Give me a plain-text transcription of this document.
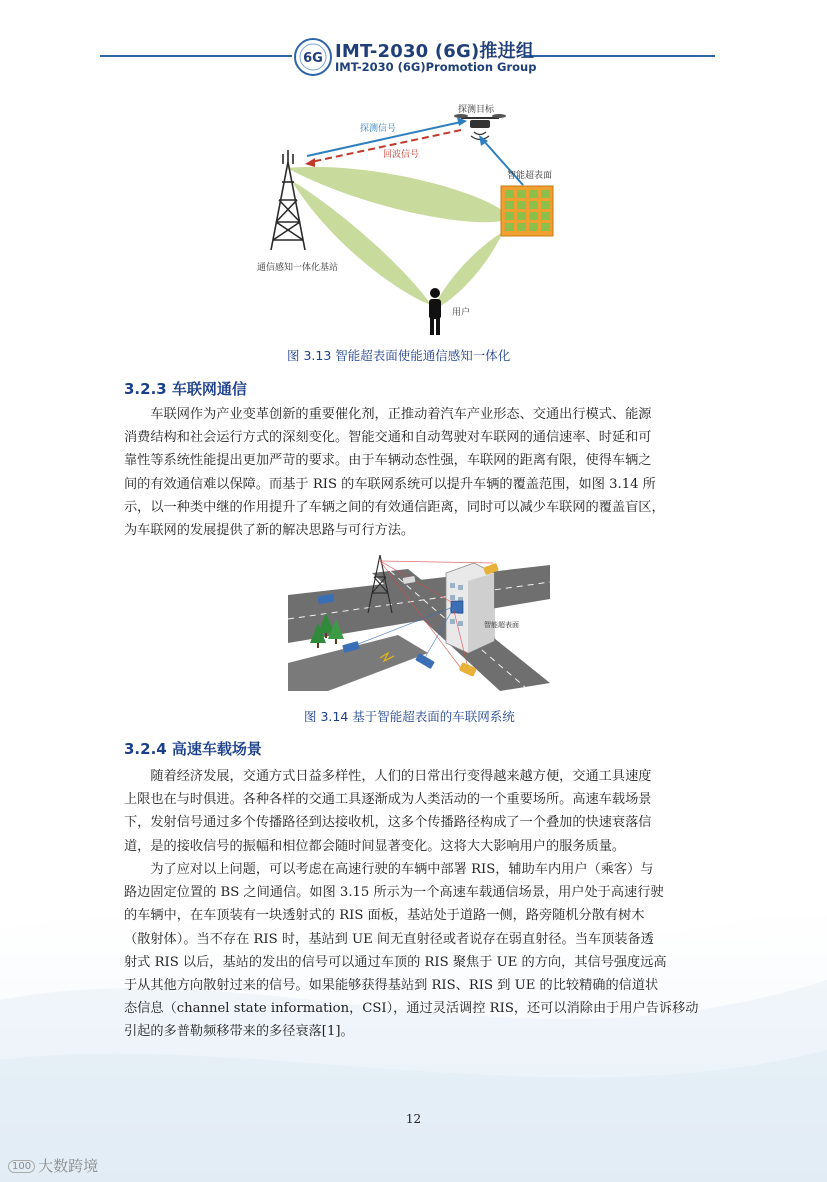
6G IMT-2030 (6G)推进组
IMT-2030 (6G)Promotion Group
探测目标
探测信号
回波信号
智能超表面
通信感知一体化基站
用户
图 3.13 智能超表面使能通信感知一体化
3.2.3 车联网通信
　　车联网作为产业变革创新的重要催化剂，正推动着汽车产业形态、交通出行模式、能源
消费结构和社会运行方式的深刻变化。智能交通和自动驾驶对车联网的通信速率、时延和可
靠性等系统性能提出更加严苛的要求。由于车辆动态性强，车联网的距离有限，使得车辆之
间的有效通信难以保障。而基于 RIS 的车联网系统可以提升车辆的覆盖范围，如图 3.14 所
示，以一种类中继的作用提升了车辆之间的有效通信距离，同时可以减少车联网的覆盖盲区，
为车联网的发展提供了新的解决思路与可行方法。
智能超表面
图 3.14 基于智能超表面的车联网系统
3.2.4 高速车载场景
　　随着经济发展，交通方式日益多样性，人们的日常出行变得越来越方便，交通工具速度
上限也在与时俱进。各种各样的交通工具逐渐成为人类活动的一个重要场所。高速车载场景
下，发射信号通过多个传播路径到达接收机，这多个传播路径构成了一个叠加的快速衰落信
道，是的接收信号的振幅和相位都会随时间显著变化。这将大大影响用户的服务质量。
　　为了应对以上问题，可以考虑在高速行驶的车辆中部署 RIS，辅助车内用户（乘客）与
路边固定位置的 BS 之间通信。如图 3.15 所示为一个高速车载通信场景，用户处于高速行驶
的车辆中，在车顶装有一块透射式的 RIS 面板，基站处于道路一侧，路旁随机分散有树木
（散射体）。当不存在 RIS 时，基站到 UE 间无直射径或者说存在弱直射径。当车顶装备透
射式 RIS 以后，基站的发出的信号可以通过车顶的 RIS 聚焦于 UE 的方向，其信号强度远高
于从其他方向散射过来的信号。如果能够获得基站到 RIS、RIS 到 UE 的比较精确的信道状
态信息（channel state information，CSI），通过灵活调控 RIS，还可以消除由于用户告诉移动
引起的多普勒频移带来的多径衰落[1]。
12
100 大数跨境
